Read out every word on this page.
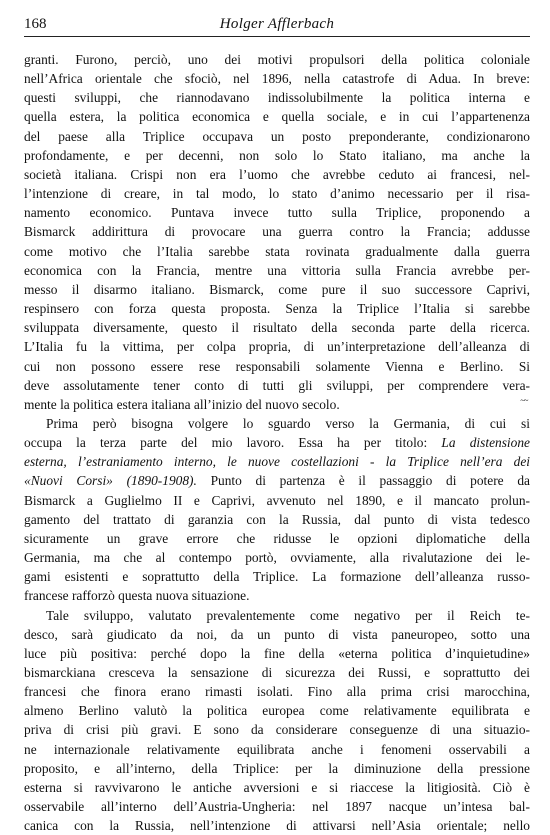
168	Holger Afflerbach
granti. Furono, perciò, uno dei motivi propulsori della politica coloniale
nell’Africa orientale che sfociò, nel 1896, nella catastrofe di Adua. In breve:
questi sviluppi, che riannodavano indissolubilmente la politica interna e
quella estera, la politica economica e quella sociale, e in cui l’appartenenza
del paese alla Triplice occupava un posto preponderante, condizionarono
profondamente, e per decenni, non solo lo Stato italiano, ma anche la
società italiana. Crispi non era l’uomo che avrebbe ceduto ai francesi, nel-
l’intenzione di creare, in tal modo, lo stato d’animo necessario per il risa-
namento economico. Puntava invece tutto sulla Triplice, proponendo a
Bismarck addirittura di provocare una guerra contro la Francia; addusse
come motivo che l’Italia sarebbe stata rovinata gradualmente dalla guerra
economica con la Francia, mentre una vittoria sulla Francia avrebbe per-
messo il disarmo italiano. Bismarck, come pure il suo successore Caprivi,
respinsero con forza questa proposta. Senza la Triplice l’Italia si sarebbe
sviluppata diversamente, questo il risultato della seconda parte della ricerca.
L’Italia fu la vittima, per colpa propria, di un’interpretazione dell’alleanza di
cui non possono essere rese responsabili solamente Vienna e Berlino. Si
deve assolutamente tener conto di tutti gli sviluppi, per comprendere vera-
mente la politica estera italiana all’inizio del nuovo secolo.	~~
Prima però bisogna volgere lo sguardo verso la Germania, di cui si
occupa la terza parte del mio lavoro. Essa ha per titolo: La distensione
esterna, l’estraniamento interno, le nuove costellazioni - la Triplice nell’era dei
«Nuovi Corsi» (1890-1908). Punto di partenza è il passaggio di potere da
Bismarck a Guglielmo II e Caprivi, avvenuto nel 1890, e il mancato prolun-
gamento del trattato di garanzia con la Russia, dal punto di vista tedesco
sicuramente un grave errore che ridusse le opzioni diplomatiche della
Germania, ma che al contempo portò, ovviamente, alla rivalutazione dei le-
gami esistenti e soprattutto della Triplice. La formazione dell’alleanza russo-
francese rafforzò questa nuova situazione.
Tale sviluppo, valutato prevalentemente come negativo per il Reich te-
desco, sarà giudicato da noi, da un punto di vista paneuropeo, sotto una
luce più positiva: perché dopo la fine della «eterna politica d’inquietudine»
bismarckiana cresceva la sensazione di sicurezza dei Russi, e soprattutto dei
francesi che finora erano rimasti isolati. Fino alla prima crisi marocchina,
almeno Berlino valutò la politica europea come relativamente equilibrata e
priva di crisi più gravi. E sono da considerare conseguenze di una situazio-
ne internazionale relativamente equilibrata anche i fenomeni osservabili a
proposito, e all’interno, della Triplice: per la diminuzione della pressione
esterna si ravvivarono le antiche avversioni e si riaccese la litigiosità. Ciò è
osservabile all’interno dell’Austria-Ungheria: nel 1897 nacque un’intesa bal-
canica con la Russia, nell’intenzione di attivarsi nell’Asia orientale; nello
